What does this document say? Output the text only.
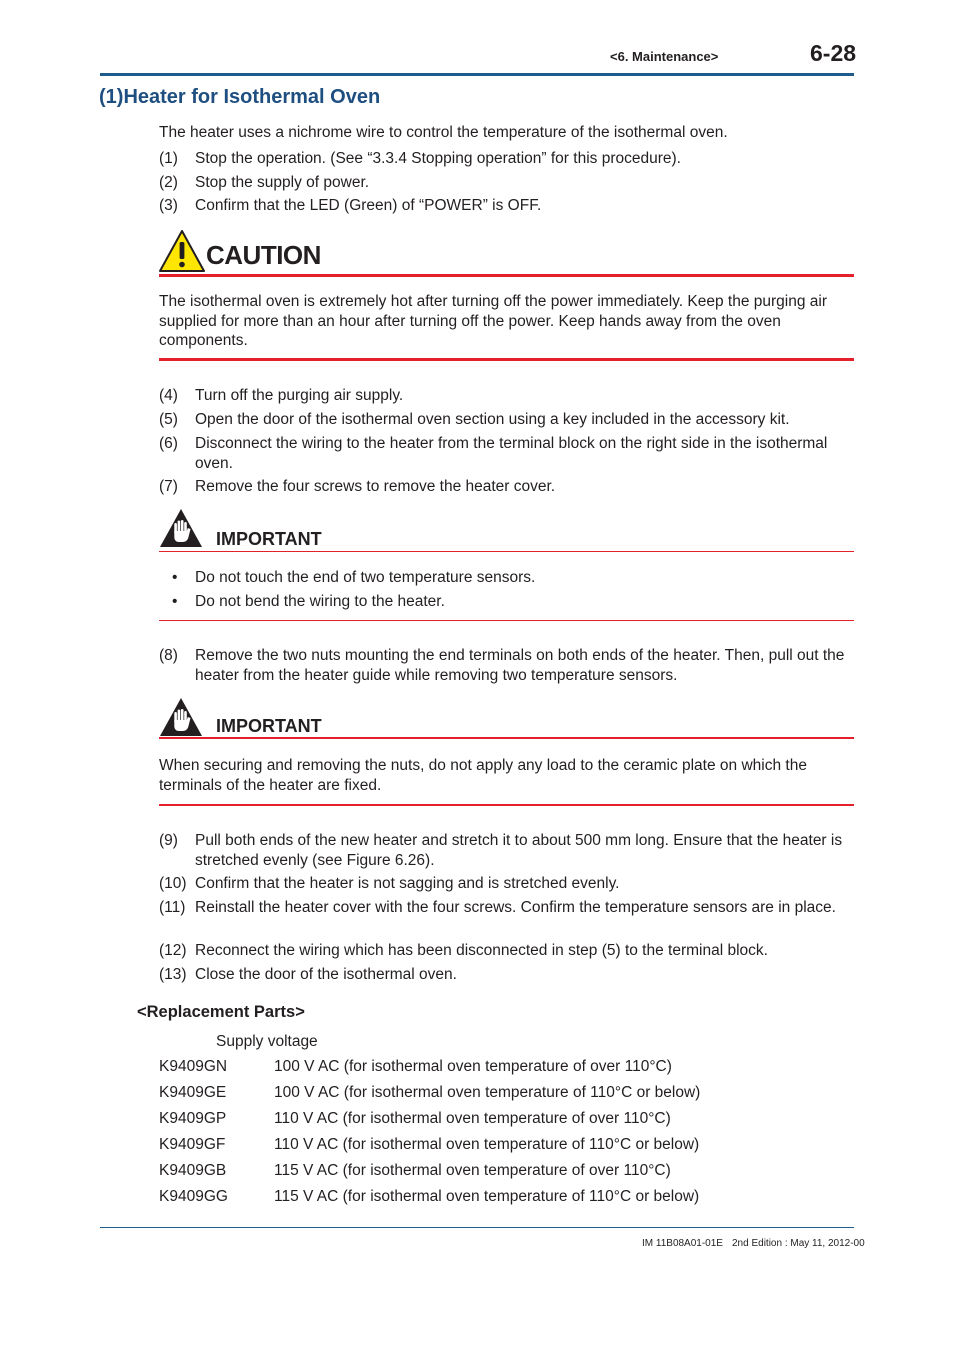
<6. Maintenance>	6-28
(1)Heater for Isothermal Oven
The heater uses a nichrome wire to control the temperature of the isothermal oven.
(1) Stop the operation. (See “3.3.4 Stopping operation” for this procedure).
(2) Stop the supply of power.
(3) Confirm that the LED (Green) of “POWER” is OFF.
CAUTION
The isothermal oven is extremely hot after turning off the power immediately. Keep the purging air supplied for more than an hour after turning off the power. Keep hands away from the oven components.
(4) Turn off the purging air supply.
(5) Open the door of the isothermal oven section using a key included in the accessory kit.
(6) Disconnect the wiring to the heater from the terminal block on the right side in the isothermal oven.
(7) Remove the four screws to remove the heater cover.
IMPORTANT
• Do not touch the end of two temperature sensors.
• Do not bend the wiring to the heater.
(8) Remove the two nuts mounting the end terminals on both ends of the heater. Then, pull out the heater from the heater guide while removing two temperature sensors.
IMPORTANT
When securing and removing the nuts, do not apply any load to the ceramic plate on which the terminals of the heater are fixed.
(9) Pull both ends of the new heater and stretch it to about 500 mm long. Ensure that the heater is stretched evenly (see Figure 6.26).
(10) Confirm that the heater is not sagging and is stretched evenly.
(11) Reinstall the heater cover with the four screws. Confirm the temperature sensors are in place.
(12) Reconnect the wiring which has been disconnected in step (5) to the terminal block.
(13) Close the door of the isothermal oven.
<Replacement Parts>
Supply voltage
K9409GN	100 V AC (for isothermal oven temperature of over 110°C)
K9409GE	100 V AC (for isothermal oven temperature of 110°C or below)
K9409GP	110 V AC (for isothermal oven temperature of over 110°C)
K9409GF	110 V AC (for isothermal oven temperature of 110°C or below)
K9409GB	115 V AC (for isothermal oven temperature of over 110°C)
K9409GG	115 V AC (for isothermal oven temperature of 110°C or below)
IM 11B08A01-01E 2nd Edition : May 11, 2012-00
